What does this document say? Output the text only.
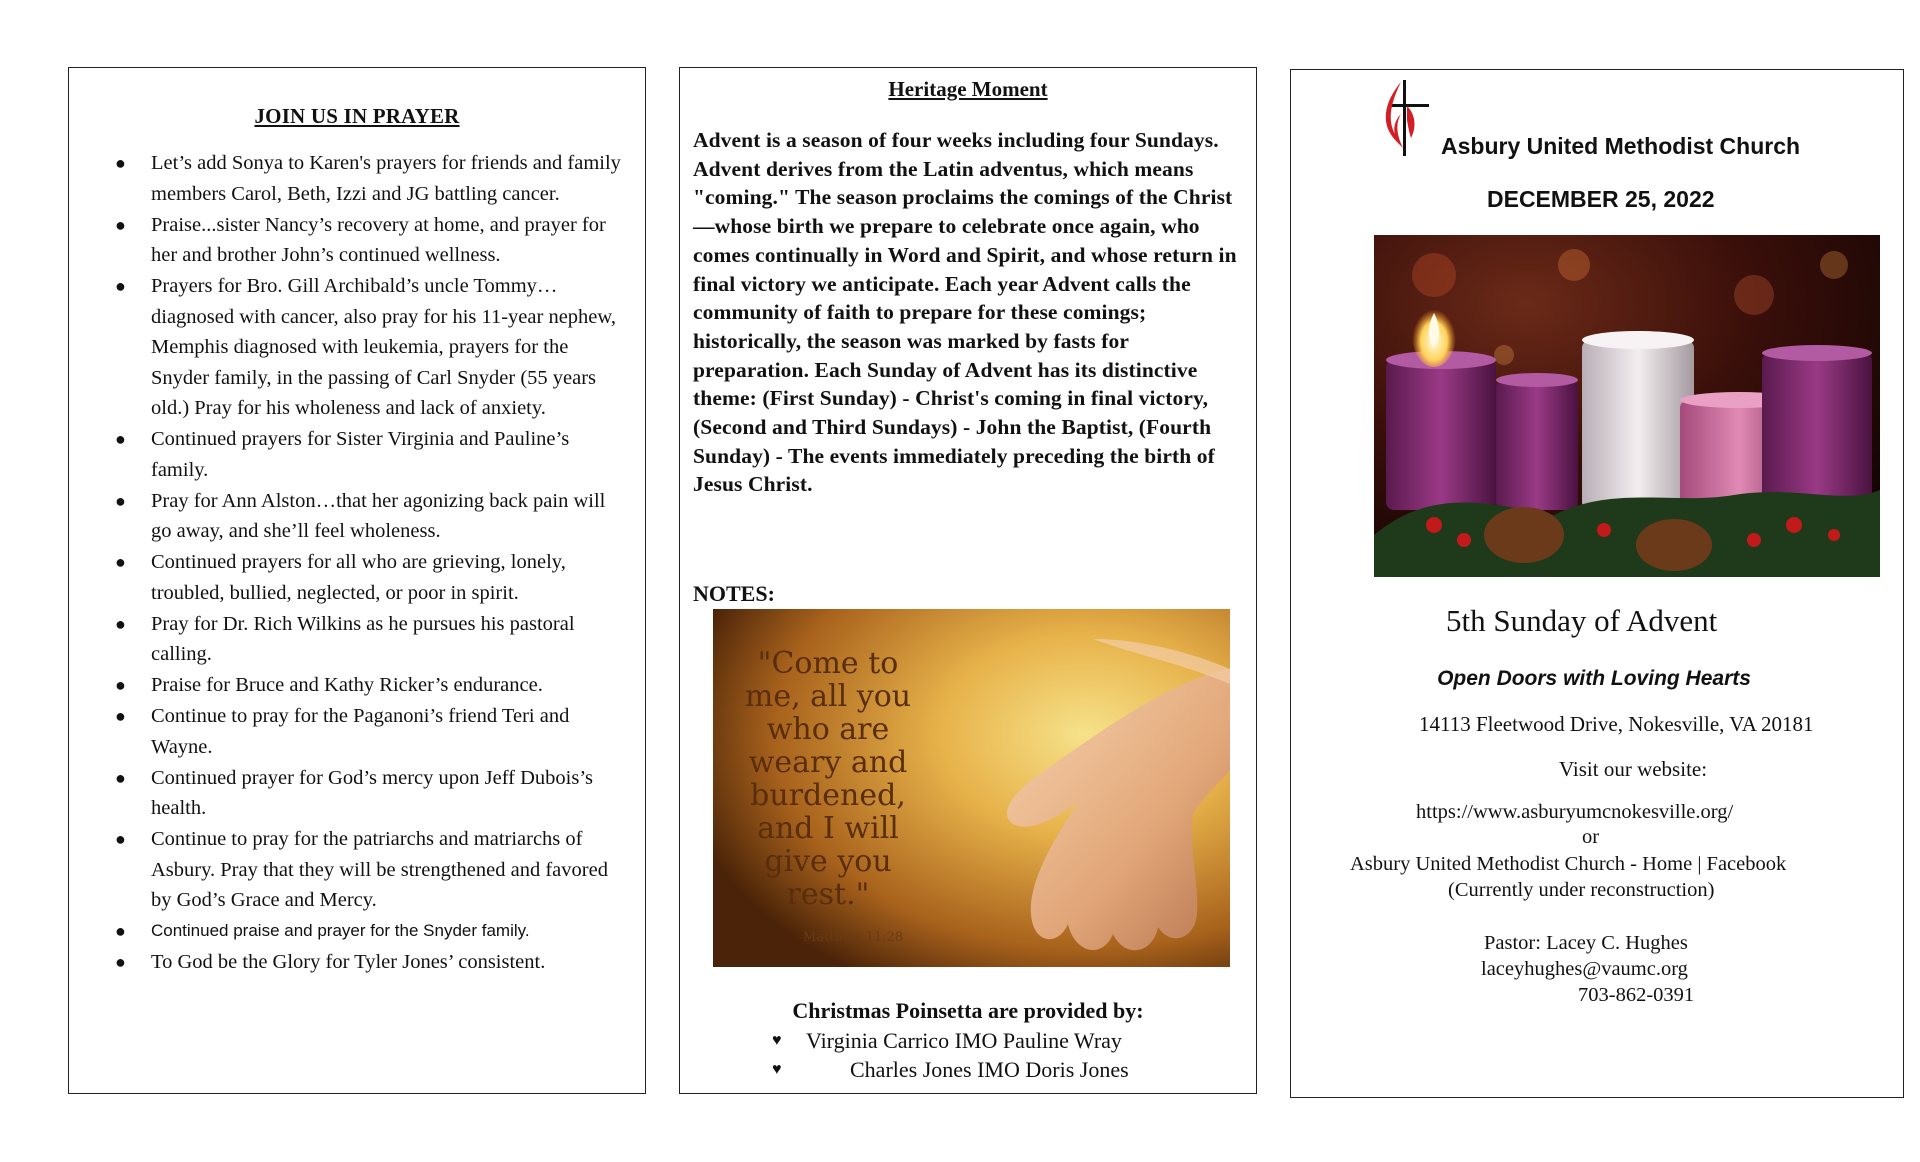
JOIN US IN PRAYER
● Let’s add Sonya to Karen's prayers for friends and family members Carol, Beth, Izzi and JG battling cancer.
● Praise...sister Nancy’s recovery at home, and prayer for her and brother John’s continued wellness.
● Prayers for Bro. Gill Archibald’s uncle Tommy…diagnosed with cancer, also pray for his 11-year nephew, Memphis diagnosed with leukemia, prayers for the Snyder family, in the passing of Carl Snyder (55 years old.) Pray for his wholeness and lack of anxiety.
● Continued prayers for Sister Virginia and Pauline’s family.
● Pray for Ann Alston…that her agonizing back pain will go away, and she’ll feel wholeness.
● Continued prayers for all who are grieving, lonely, troubled, bullied, neglected, or poor in spirit.
● Pray for Dr. Rich Wilkins as he pursues his pastoral calling.
● Praise for Bruce and Kathy Ricker’s endurance.
● Continue to pray for the Paganoni’s friend Teri and Wayne.
● Continued prayer for God’s mercy upon Jeff Dubois’s health.
● Continue to pray for the patriarchs and matriarchs of Asbury. Pray that they will be strengthened and favored by God’s Grace and Mercy.
● Continued praise and prayer for the Snyder family.
● To God be the Glory for Tyler Jones’ consistent.
Heritage Moment
Advent is a season of four weeks including four Sundays. Advent derives from the Latin adventus, which means "coming." The season proclaims the comings of the Christ—whose birth we prepare to celebrate once again, who comes continually in Word and Spirit, and whose return in final victory we anticipate. Each year Advent calls the community of faith to prepare for these comings; historically, the season was marked by fasts for preparation. Each Sunday of Advent has its distinctive theme: (First Sunday) - Christ's coming in final victory, (Second and Third Sundays) - John the Baptist, (Fourth Sunday) - The events immediately preceding the birth of Jesus Christ.
NOTES:
"Come to
me, all you
who are
weary and
burdened,
and I will
give you
rest."
Matthew 11:28
Christmas Poinsetta are provided by:
♥ Virginia Carrico IMO Pauline Wray
♥	Charles Jones IMO Doris Jones
Asbury United Methodist Church
DECEMBER 25, 2022
5th Sunday of Advent
Open Doors with Loving Hearts
14113 Fleetwood Drive, Nokesville, VA 20181
Visit our website:
https://www.asburyumcnokesville.org/
or
Asbury United Methodist Church - Home | Facebook
(Currently under reconstruction)
Pastor: Lacey C. Hughes
laceyhughes@vaumc.org
703-862-0391
